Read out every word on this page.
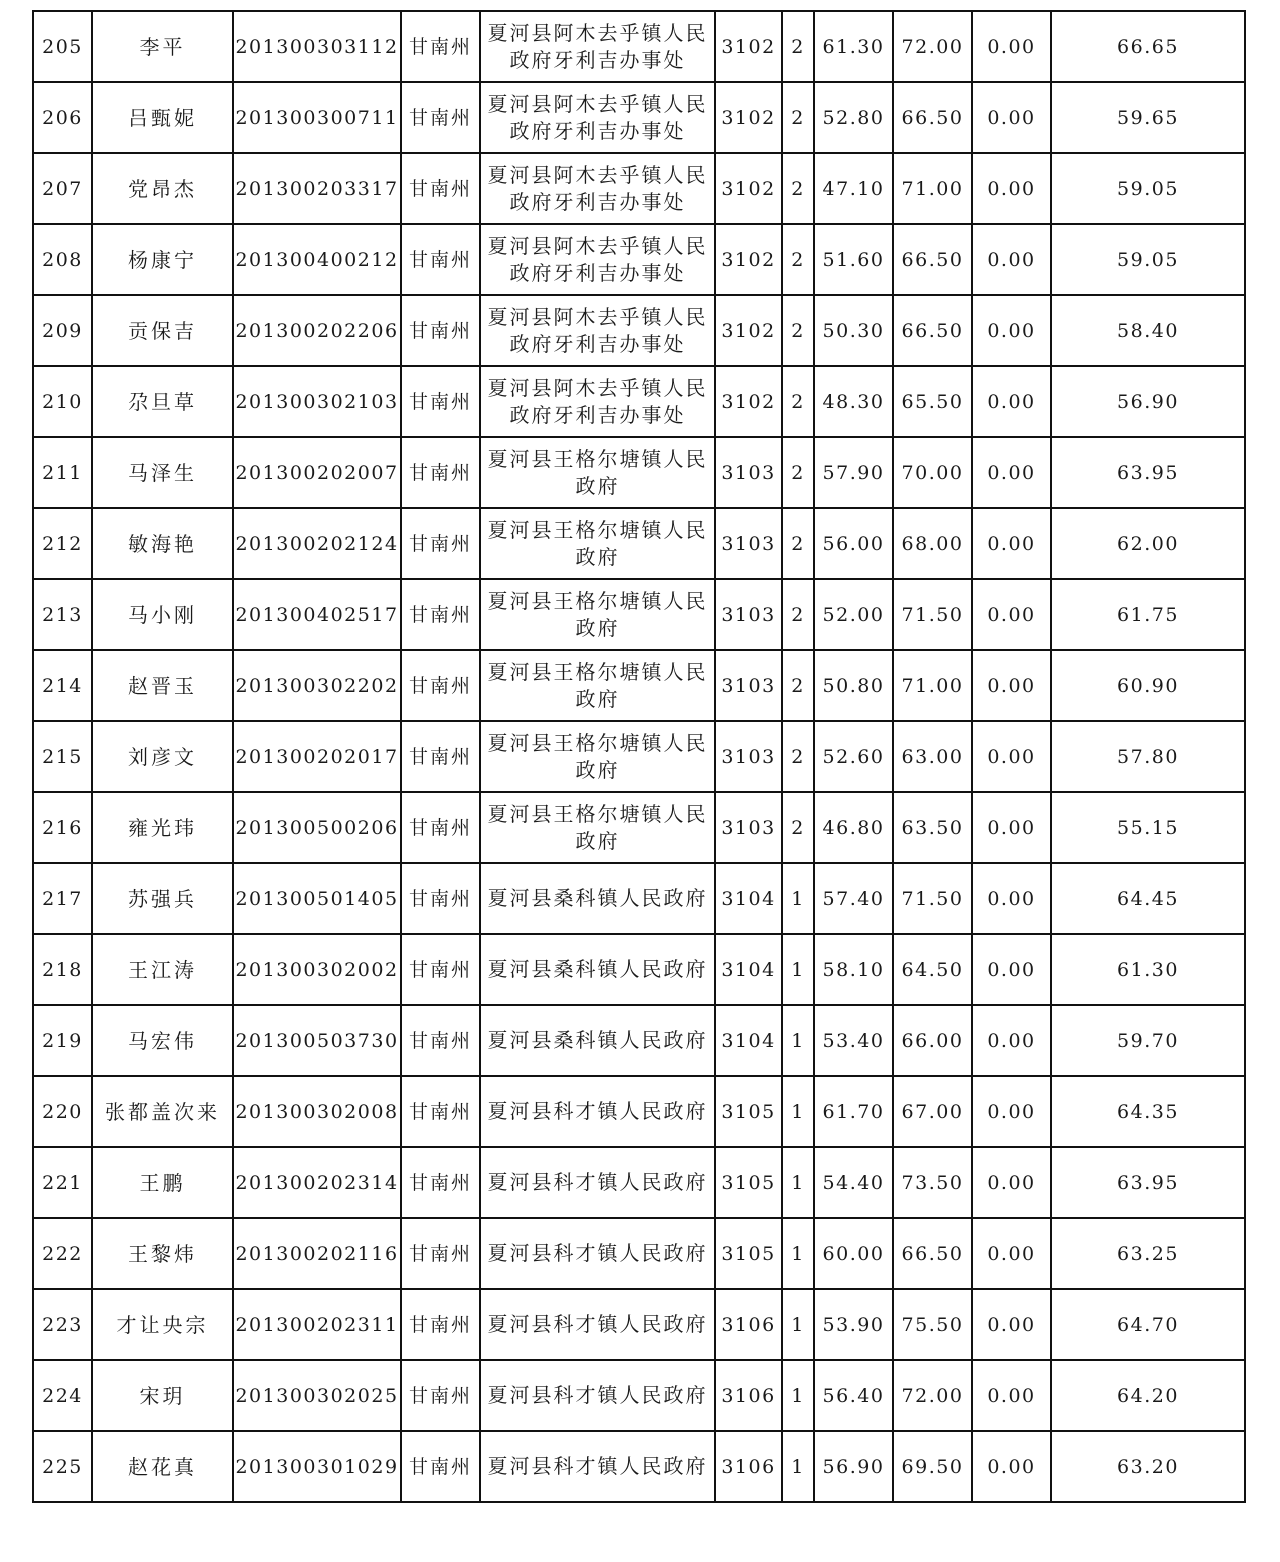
205	李平	201300303112	甘南州	夏河县阿木去乎镇人民政府牙利吉办事处	3102	2	61.30	72.00	0.00	66.65
206	吕甄妮	201300300711	甘南州	夏河县阿木去乎镇人民政府牙利吉办事处	3102	2	52.80	66.50	0.00	59.65
207	党昂杰	201300203317	甘南州	夏河县阿木去乎镇人民政府牙利吉办事处	3102	2	47.10	71.00	0.00	59.05
208	杨康宁	201300400212	甘南州	夏河县阿木去乎镇人民政府牙利吉办事处	3102	2	51.60	66.50	0.00	59.05
209	贡保吉	201300202206	甘南州	夏河县阿木去乎镇人民政府牙利吉办事处	3102	2	50.30	66.50	0.00	58.40
210	尕旦草	201300302103	甘南州	夏河县阿木去乎镇人民政府牙利吉办事处	3102	2	48.30	65.50	0.00	56.90
211	马泽生	201300202007	甘南州	夏河县王格尔塘镇人民政府	3103	2	57.90	70.00	0.00	63.95
212	敏海艳	201300202124	甘南州	夏河县王格尔塘镇人民政府	3103	2	56.00	68.00	0.00	62.00
213	马小刚	201300402517	甘南州	夏河县王格尔塘镇人民政府	3103	2	52.00	71.50	0.00	61.75
214	赵晋玉	201300302202	甘南州	夏河县王格尔塘镇人民政府	3103	2	50.80	71.00	0.00	60.90
215	刘彦文	201300202017	甘南州	夏河县王格尔塘镇人民政府	3103	2	52.60	63.00	0.00	57.80
216	雍光玮	201300500206	甘南州	夏河县王格尔塘镇人民政府	3103	2	46.80	63.50	0.00	55.15
217	苏强兵	201300501405	甘南州	夏河县桑科镇人民政府	3104	1	57.40	71.50	0.00	64.45
218	王江涛	201300302002	甘南州	夏河县桑科镇人民政府	3104	1	58.10	64.50	0.00	61.30
219	马宏伟	201300503730	甘南州	夏河县桑科镇人民政府	3104	1	53.40	66.00	0.00	59.70
220	张都盖次来	201300302008	甘南州	夏河县科才镇人民政府	3105	1	61.70	67.00	0.00	64.35
221	王鹏	201300202314	甘南州	夏河县科才镇人民政府	3105	1	54.40	73.50	0.00	63.95
222	王黎炜	201300202116	甘南州	夏河县科才镇人民政府	3105	1	60.00	66.50	0.00	63.25
223	才让央宗	201300202311	甘南州	夏河县科才镇人民政府	3106	1	53.90	75.50	0.00	64.70
224	宋玥	201300302025	甘南州	夏河县科才镇人民政府	3106	1	56.40	72.00	0.00	64.20
225	赵花真	201300301029	甘南州	夏河县科才镇人民政府	3106	1	56.90	69.50	0.00	63.20
